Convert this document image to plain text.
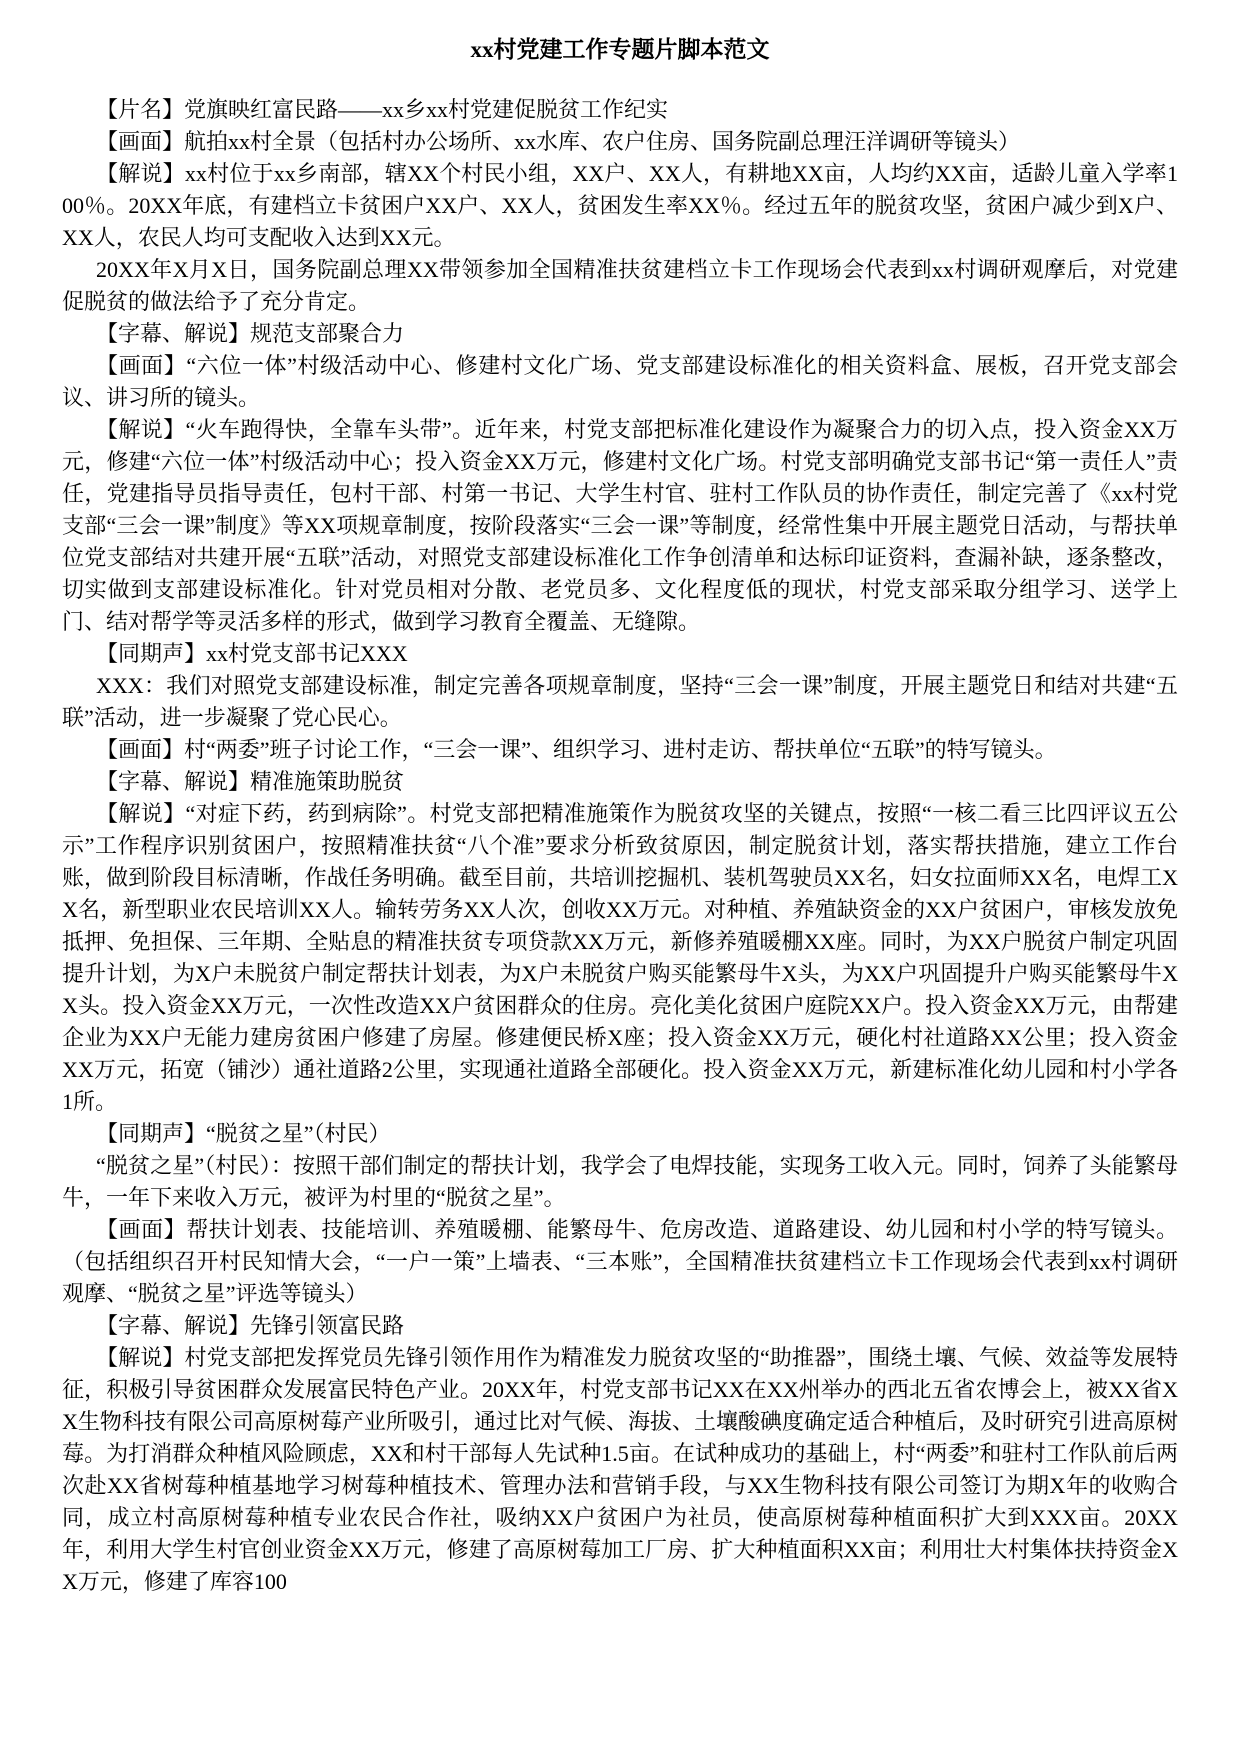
xx村党建工作专题片脚本范文

【片名】党旗映红富民路——xx乡xx村党建促脱贫工作纪实

【画面】航拍xx村全景（包括村办公场所、xx水库、农户住房、国务院副总理汪洋调研等镜头）

【解说】xx村位于xx乡南部，辖XX个村民小组，XX户、XX人，有耕地XX亩，人均约XX亩，适龄儿童入学率100％。20XX年底，有建档立卡贫困户XX户、XX人，贫困发生率XX％。经过五年的脱贫攻坚，贫困户减少到X户、XX人，农民人均可支配收入达到XX元。

20XX年X月X日，国务院副总理XX带领参加全国精准扶贫建档立卡工作现场会代表到xx村调研观摩后，对党建促脱贫的做法给予了充分肯定。

【字幕、解说】规范支部聚合力

【画面】“六位一体”村级活动中心、修建村文化广场、党支部建设标准化的相关资料盒、展板，召开党支部会议、讲习所的镜头。

【解说】“火车跑得快，全靠车头带”。近年来，村党支部把标准化建设作为凝聚合力的切入点，投入资金XX万元，修建“六位一体”村级活动中心；投入资金XX万元，修建村文化广场。村党支部明确党支部书记“第一责任人”责任，党建指导员指导责任，包村干部、村第一书记、大学生村官、驻村工作队员的协作责任，制定完善了《xx村党支部“三会一课”制度》等XX项规章制度，按阶段落实“三会一课”等制度，经常性集中开展主题党日活动，与帮扶单位党支部结对共建开展“五联”活动，对照党支部建设标准化工作争创清单和达标印证资料，查漏补缺，逐条整改，切实做到支部建设标准化。针对党员相对分散、老党员多、文化程度低的现状，村党支部采取分组学习、送学上门、结对帮学等灵活多样的形式，做到学习教育全覆盖、无缝隙。

【同期声】xx村党支部书记XXX

XXX：我们对照党支部建设标准，制定完善各项规章制度，坚持“三会一课”制度，开展主题党日和结对共建“五联”活动，进一步凝聚了党心民心。

【画面】村“两委”班子讨论工作，“三会一课”、组织学习、进村走访、帮扶单位“五联”的特写镜头。

【字幕、解说】精准施策助脱贫

【解说】“对症下药，药到病除”。村党支部把精准施策作为脱贫攻坚的关键点，按照“一核二看三比四评议五公示”工作程序识别贫困户，按照精准扶贫“八个准”要求分析致贫原因，制定脱贫计划，落实帮扶措施，建立工作台账，做到阶段目标清晰，作战任务明确。截至目前，共培训挖掘机、装机驾驶员XX名，妇女拉面师XX名，电焊工XX名，新型职业农民培训XX人。输转劳务XX人次，创收XX万元。对种植、养殖缺资金的XX户贫困户，审核发放免抵押、免担保、三年期、全贴息的精准扶贫专项贷款XX万元，新修养殖暖棚XX座。同时，为XX户脱贫户制定巩固提升计划，为X户未脱贫户制定帮扶计划表，为X户未脱贫户购买能繁母牛X头，为XX户巩固提升户购买能繁母牛XX头。投入资金XX万元，一次性改造XX户贫困群众的住房。亮化美化贫困户庭院XX户。投入资金XX万元，由帮建企业为XX户无能力建房贫困户修建了房屋。修建便民桥X座；投入资金XX万元，硬化村社道路XX公里；投入资金XX万元，拓宽（铺沙）通社道路2公里，实现通社道路全部硬化。投入资金XX万元，新建标准化幼儿园和村小学各1所。

【同期声】“脱贫之星”（村民）

“脱贫之星”（村民）：按照干部们制定的帮扶计划，我学会了电焊技能，实现务工收入元。同时，饲养了头能繁母牛，一年下来收入万元，被评为村里的“脱贫之星”。

【画面】帮扶计划表、技能培训、养殖暖棚、能繁母牛、危房改造、道路建设、幼儿园和村小学的特写镜头。（包括组织召开村民知情大会，“一户一策”上墙表、“三本账”，全国精准扶贫建档立卡工作现场会代表到xx村调研观摩、“脱贫之星”评选等镜头）

【字幕、解说】先锋引领富民路

【解说】村党支部把发挥党员先锋引领作用作为精准发力脱贫攻坚的“助推器”，围绕土壤、气候、效益等发展特征，积极引导贫困群众发展富民特色产业。20XX年，村党支部书记XX在XX州举办的西北五省农博会上，被XX省XX生物科技有限公司高原树莓产业所吸引，通过比对气候、海拔、土壤酸碘度确定适合种植后，及时研究引进高原树莓。为打消群众种植风险顾虑，XX和村干部每人先试种1.5亩。在试种成功的基础上，村“两委”和驻村工作队前后两次赴XX省树莓种植基地学习树莓种植技术、管理办法和营销手段，与XX生物科技有限公司签订为期X年的收购合同，成立村高原树莓种植专业农民合作社，吸纳XX户贫困户为社员，使高原树莓种植面积扩大到XXX亩。20XX年，利用大学生村官创业资金XX万元，修建了高原树莓加工厂房、扩大种植面积XX亩；利用壮大村集体扶持资金XX万元，修建了库容100
